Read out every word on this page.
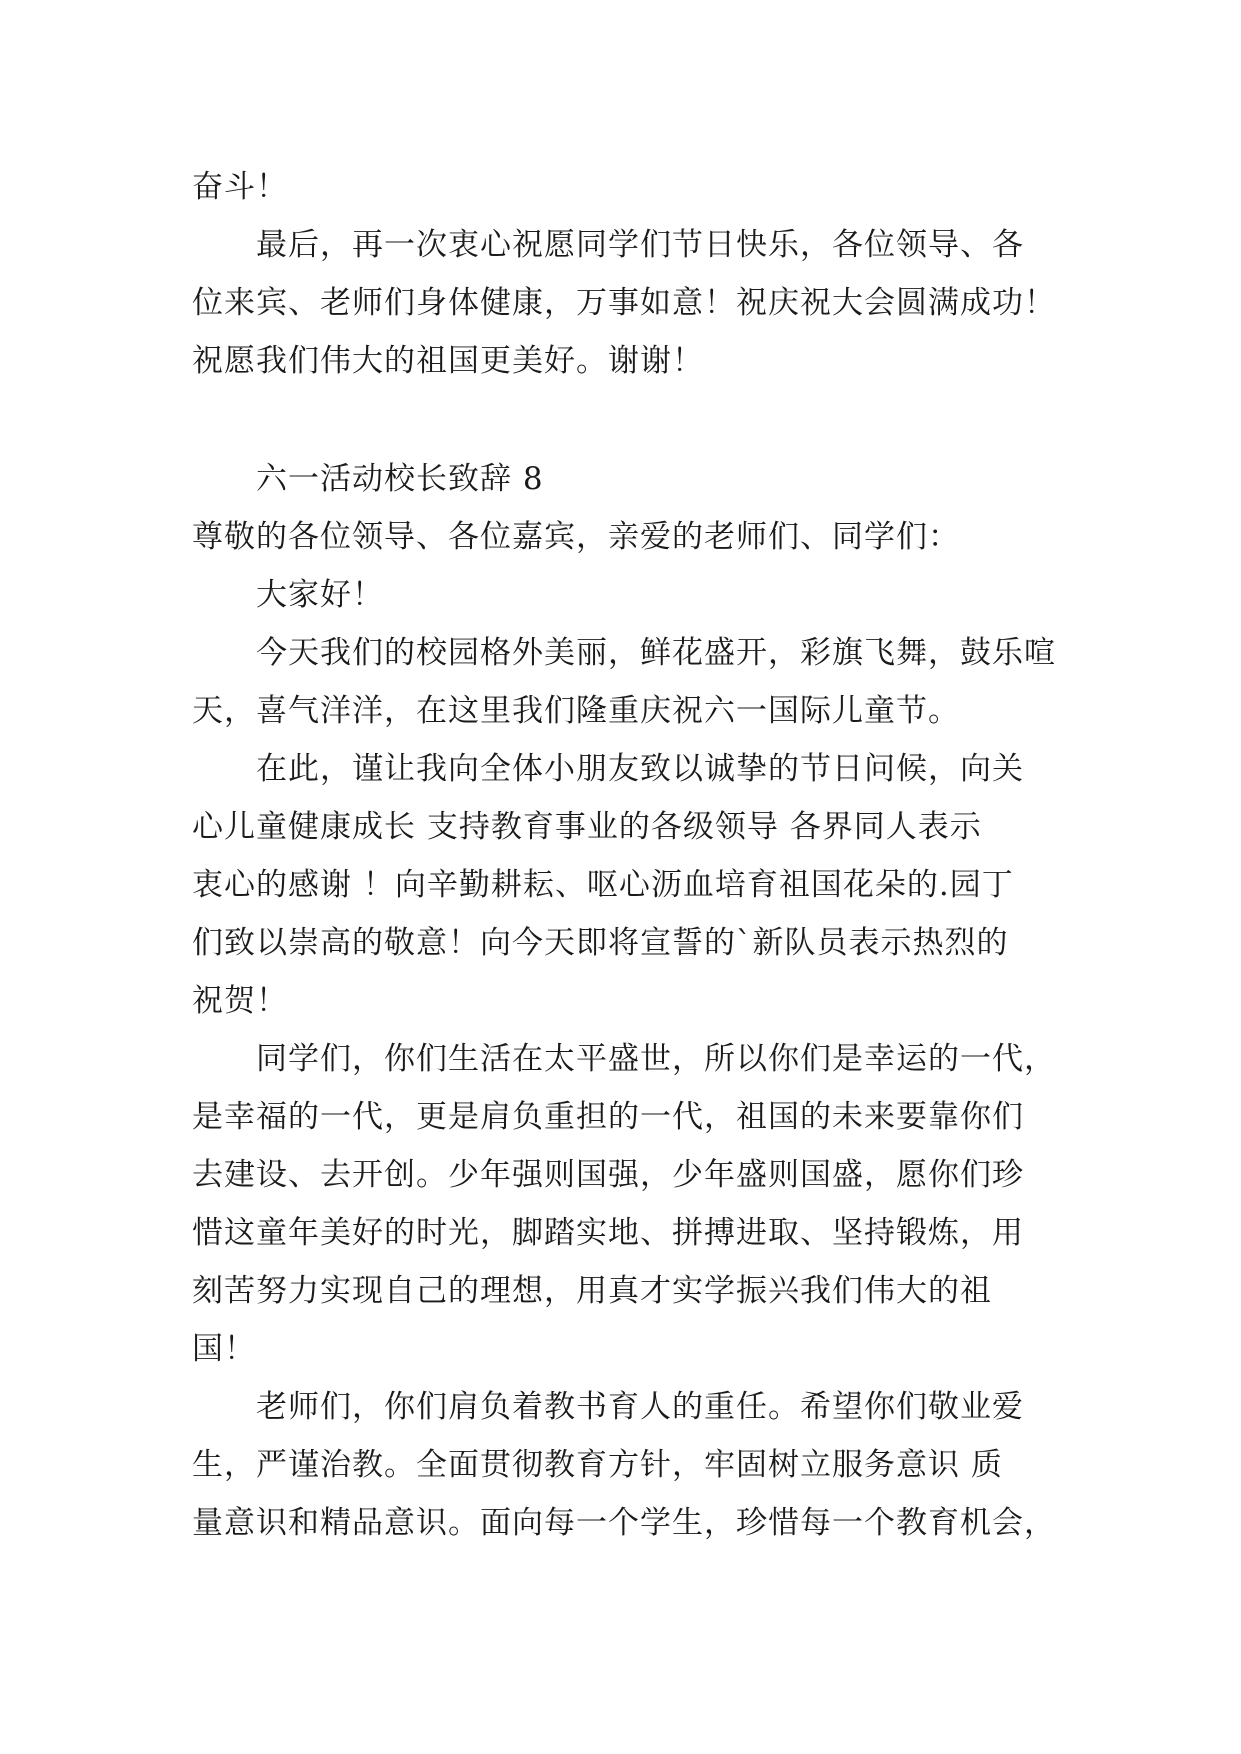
奋斗！
最后，再一次衷心祝愿同学们节日快乐，各位领导、各
位来宾、老师们身体健康，万事如意！祝庆祝大会圆满成功！
祝愿我们伟大的祖国更美好。谢谢！
六一活动校长致辞 8
尊敬的各位领导、各位嘉宾，亲爱的老师们、同学们：
大家好！
今天我们的校园格外美丽，鲜花盛开，彩旗飞舞，鼓乐喧
天，喜气洋洋，在这里我们隆重庆祝六一国际儿童节。
在此，谨让我向全体小朋友致以诚挚的节日问候，向关
心儿童健康成长 支持教育事业的各级领导 各界同人表示
衷心的感谢 ！向辛勤耕耘、呕心沥血培育祖国花朵的.园丁
们致以崇高的敬意！向今天即将宣誓的`新队员表示热烈的
祝贺！
同学们，你们生活在太平盛世，所以你们是幸运的一代，
是幸福的一代，更是肩负重担的一代，祖国的未来要靠你们
去建设、去开创。少年强则国强，少年盛则国盛，愿你们珍
惜这童年美好的时光，脚踏实地、拼搏进取、坚持锻炼，用
刻苦努力实现自己的理想，用真才实学振兴我们伟大的祖
国！
老师们，你们肩负着教书育人的重任。希望你们敬业爱
生，严谨治教。全面贯彻教育方针，牢固树立服务意识 质
量意识和精品意识。面向每一个学生，珍惜每一个教育机会，
